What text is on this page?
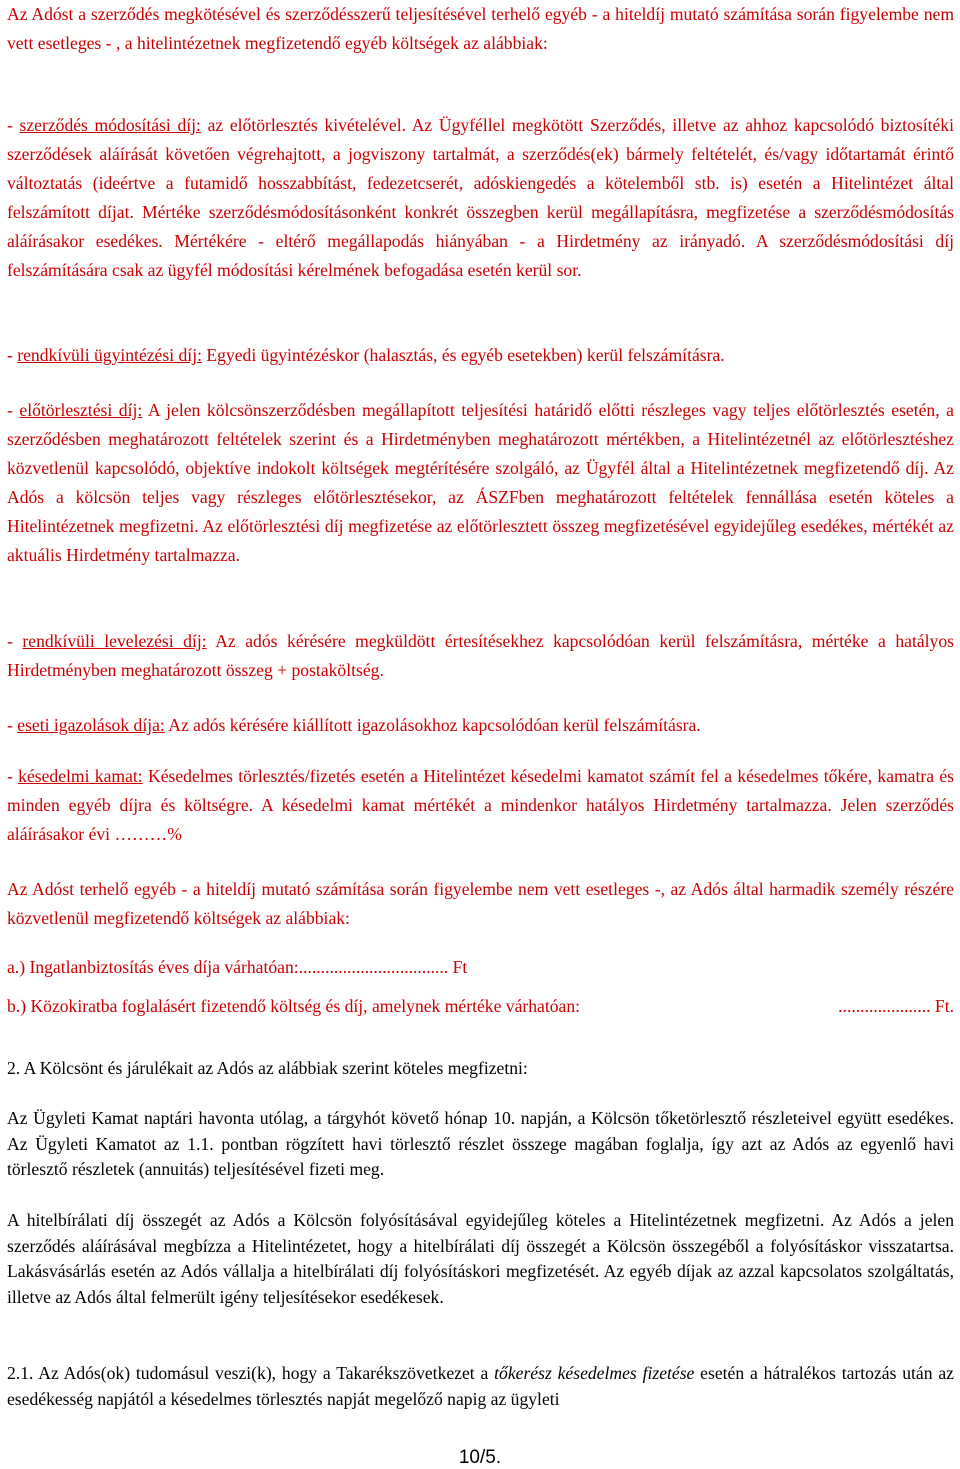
Az Adóst a szerződés megkötésével és szerződésszerű teljesítésével terhelő egyéb - a hiteldíj mutató számítása során figyelembe nem vett esetleges - , a hitelintézetnek megfizetendő egyéb költségek az alábbiak:

- szerződés módosítási díj: az előtörlesztés kivételével. Az Ügyféllel megkötött Szerződés, illetve az ahhoz kapcsolódó biztosítéki szerződések aláírását követően végrehajtott, a jogviszony tartalmát, a szerződés(ek) bármely feltételét, és/vagy időtartamát érintő változtatás (ideértve a futamidő hosszabbítást, fedezetcserét, adóskiengedés a kötelemből stb. is) esetén a Hitelintézet által felszámított díjat. Mértéke szerződésmódosításonként konkrét összegben kerül megállapításra, megfizetése a szerződésmódosítás aláírásakor esedékes. Mértékére - eltérő megállapodás hiányában - a Hirdetmény az irányadó. A szerződésmódosítási díj felszámítására csak az ügyfél módosítási kérelmének befogadása esetén kerül sor.

- rendkívüli ügyintézési díj: Egyedi ügyintézéskor (halasztás, és egyéb esetekben) kerül felszámításra.

- előtörlesztési díj: A jelen kölcsönszerződésben megállapított teljesítési határidő előtti részleges vagy teljes előtörlesztés esetén, a szerződésben meghatározott feltételek szerint és a Hirdetményben meghatározott mértékben, a Hitelintézetnél az előtörlesztéshez közvetlenül kapcsolódó, objektíve indokolt költségek megtérítésére szolgáló, az Ügyfél által a Hitelintézetnek megfizetendő díj. Az Adós a kölcsön teljes vagy részleges előtörlesztésekor, az ÁSZFben meghatározott feltételek fennállása esetén köteles a Hitelintézetnek megfizetni. Az előtörlesztési díj megfizetése az előtörlesztett összeg megfizetésével egyidejűleg esedékes, mértékét az aktuális Hirdetmény tartalmazza.

- rendkívüli levelezési díj: Az adós kérésére megküldött értesítésekhez kapcsolódóan kerül felszámításra, mértéke a hatályos Hirdetményben meghatározott összeg + postaköltség.

- eseti igazolások díja: Az adós kérésére kiállított igazolásokhoz kapcsolódóan kerül felszámításra.

- késedelmi kamat: Késedelmes törlesztés/fizetés esetén a Hitelintézet késedelmi kamatot számít fel a késedelmes tőkére, kamatra és minden egyéb díjra és költségre. A késedelmi kamat mértékét a mindenkor hatályos Hirdetmény tartalmazza. Jelen szerződés aláírásakor évi ………%

Az Adóst terhelő egyéb - a hiteldíj mutató számítása során figyelembe nem vett esetleges -, az Adós által harmadik személy részére közvetlenül megfizetendő költségek az alábbiak:

a.) Ingatlanbiztosítás éves díja várhatóan:.................................. Ft
b.) Közokiratba foglalásért fizetendő költség és díj, amelynek mértéke várhatóan:	..................... Ft.
2. A Kölcsönt és járulékait az Adós az alábbiak szerint köteles megfizetni:

Az Ügyleti Kamat naptári havonta utólag, a tárgyhót követő hónap 10. napján, a Kölcsön tőketörlesztő részleteivel együtt esedékes. Az Ügyleti Kamatot az 1.1. pontban rögzített havi törlesztő részlet összege magában foglalja, így azt az Adós az egyenlő havi törlesztő részletek (annuitás) teljesítésével fizeti meg.

A hitelbírálati díj összegét az Adós a Kölcsön folyósításával egyidejűleg köteles a Hitelintézetnek megfizetni. Az Adós a jelen szerződés aláírásával megbízza a Hitelintézetet, hogy a hitelbírálati díj összegét a Kölcsön összegéből a folyósításkor visszatartsa. Lakásvásárlás esetén az Adós vállalja a hitelbírálati díj folyósításkori megfizetését. Az egyéb díjak az azzal kapcsolatos szolgáltatás, illetve az Adós által felmerült igény teljesítésekor esedékesek.

2.1. Az Adós(ok) tudomásul veszi(k), hogy a Takarékszövetkezet a tőkerész késedelmes fizetése esetén a hátralékos tartozás után az esedékesség napjától a késedelmes törlesztés napját megelőző napig az ügyleti

10/5.
